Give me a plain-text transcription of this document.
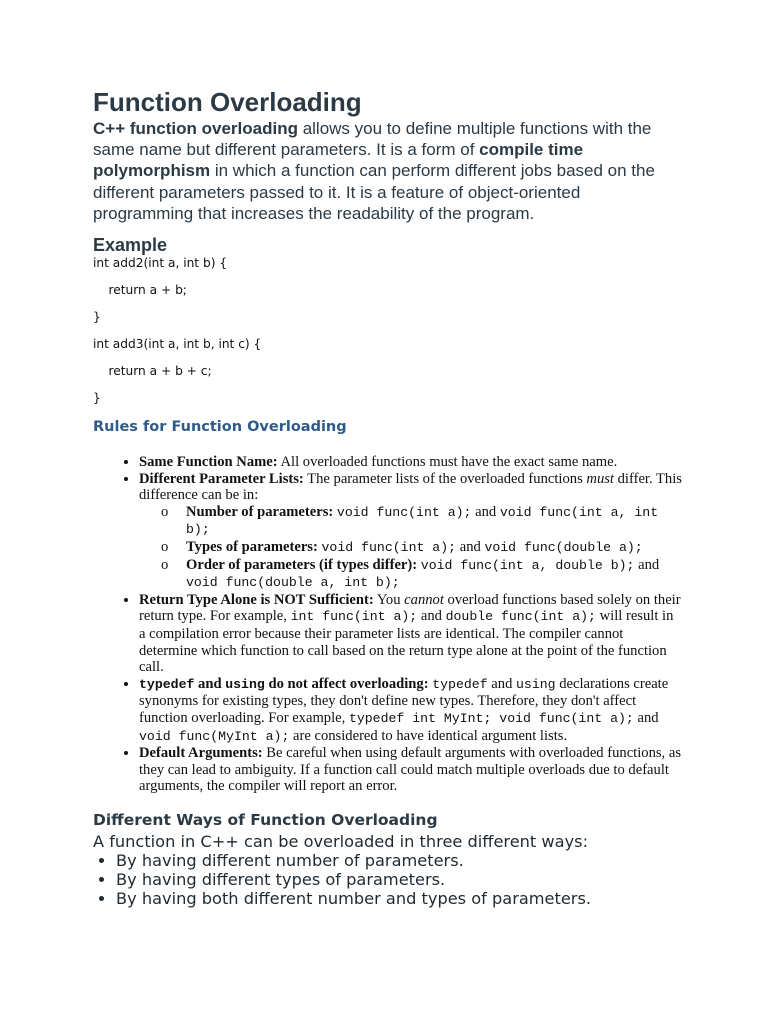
Function Overloading

C++ function overloading allows you to define multiple functions with the same name but different parameters. It is a form of compile time polymorphism in which a function can perform different jobs based on the different parameters passed to it. It is a feature of object-oriented programming that increases the readability of the program.

Example

int add2(int a, int b) {

return a + b;

}

int add3(int a, int b, int c) {

return a + b + c;

}

Rules for Function Overloading
• Same Function Name: All overloaded functions must have the exact same name.
• Different Parameter Lists: The parameter lists of the overloaded functions must differ. This difference can be in:
o Number of parameters: void func(int a); and void func(int a, int b);
o Types of parameters: void func(int a); and void func(double a);
o Order of parameters (if types differ): void func(int a, double b); and void func(double a, int b);
• Return Type Alone is NOT Sufficient: You cannot overload functions based solely on their return type. For example, int func(int a); and double func(int a); will result in a compilation error because their parameter lists are identical. The compiler cannot determine which function to call based on the return type alone at the point of the function call.
• typedef and using do not affect overloading: typedef and using declarations create synonyms for existing types, they don't define new types. Therefore, they don't affect function overloading. For example, typedef int MyInt; void func(int a); and void func(MyInt a); are considered to have identical argument lists.
• Default Arguments: Be careful when using default arguments with overloaded functions, as they can lead to ambiguity. If a function call could match multiple overloads due to default arguments, the compiler will report an error.
Different Ways of Function Overloading

A function in C++ can be overloaded in three different ways:

• By having different number of parameters.
• By having different types of parameters.
• By having both different number and types of parameters.
